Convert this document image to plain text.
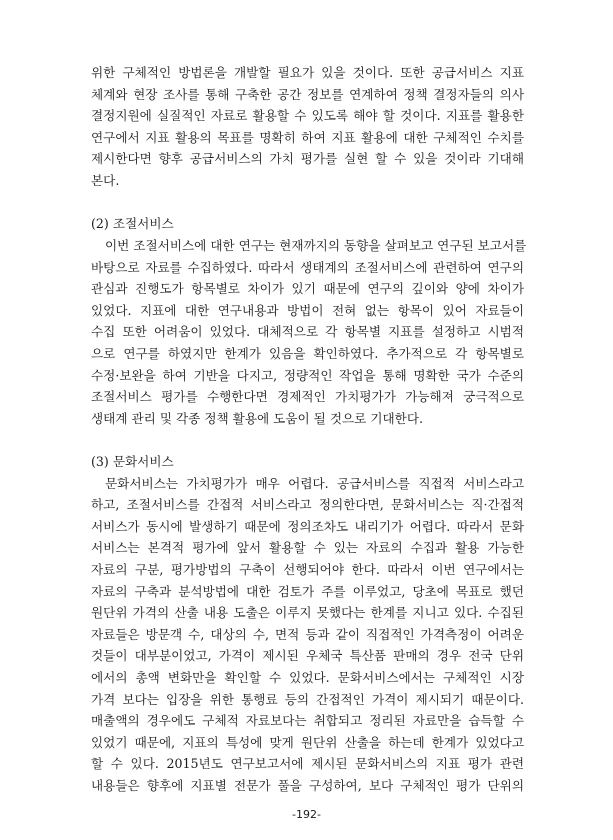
위한 구체적인 방법론을 개발할 필요가 있을 것이다. 또한 공급서비스 지표
체계와 현장 조사를 통해 구축한 공간 정보를 연계하여 정책 결정자들의 의사
결정지원에 실질적인 자료로 활용할 수 있도록 해야 할 것이다. 지표를 활용한
연구에서 지표 활용의 목표를 명확히 하여 지표 활용에 대한 구체적인 수치를
제시한다면 향후 공급서비스의 가치 평가를 실현 할 수 있을 것이라 기대해
본다.
(2) 조절서비스
이번 조절서비스에 대한 연구는 현재까지의 동향을 살펴보고 연구된 보고서를
바탕으로 자료를 수집하였다. 따라서 생태계의 조절서비스에 관련하여 연구의
관심과 진행도가 항목별로 차이가 있기 때문에 연구의 깊이와 양에 차이가
있었다. 지표에 대한 연구내용과 방법이 전혀 없는 항목이 있어 자료들이
수집 또한 어려움이 있었다. 대체적으로 각 항목별 지표를 설정하고 시범적
으로 연구를 하였지만 한계가 있음을 확인하였다. 추가적으로 각 항목별로
수정·보완을 하여 기반을 다지고, 정량적인 작업을 통해 명확한 국가 수준의
조절서비스 평가를 수행한다면 경제적인 가치평가가 가능해져 궁극적으로
생태계 관리 및 각종 정책 활용에 도움이 될 것으로 기대한다.
(3) 문화서비스
문화서비스는 가치평가가 매우 어렵다. 공급서비스를 직접적 서비스라고
하고, 조절서비스를 간접적 서비스라고 정의한다면, 문화서비스는 직·간접적
서비스가 동시에 발생하기 때문에 정의조차도 내리기가 어렵다. 따라서 문화
서비스는 본격적 평가에 앞서 활용할 수 있는 자료의 수집과 활용 가능한
자료의 구분, 평가방법의 구축이 선행되어야 한다. 따라서 이번 연구에서는
자료의 구축과 분석방법에 대한 검토가 주를 이루었고, 당초에 목표로 했던
원단위 가격의 산출 내용 도출은 이루지 못했다는 한계를 지니고 있다. 수집된
자료들은 방문객 수, 대상의 수, 면적 등과 같이 직접적인 가격측정이 어려운
것들이 대부분이었고, 가격이 제시된 우체국 특산품 판매의 경우 전국 단위
에서의 총액 변화만을 확인할 수 있었다. 문화서비스에서는 구체적인 시장
가격 보다는 입장을 위한 통행료 등의 간접적인 가격이 제시되기 때문이다.
매출액의 경우에도 구체적 자료보다는 취합되고 정리된 자료만을 습득할 수
있었기 때문에, 지표의 특성에 맞게 원단위 산출을 하는데 한계가 있었다고
할 수 있다. 2015년도 연구보고서에 제시된 문화서비스의 지표 평가 관련
내용들은 향후에 지표별 전문가 풀을 구성하여, 보다 구체적인 평가 단위의
-192-
